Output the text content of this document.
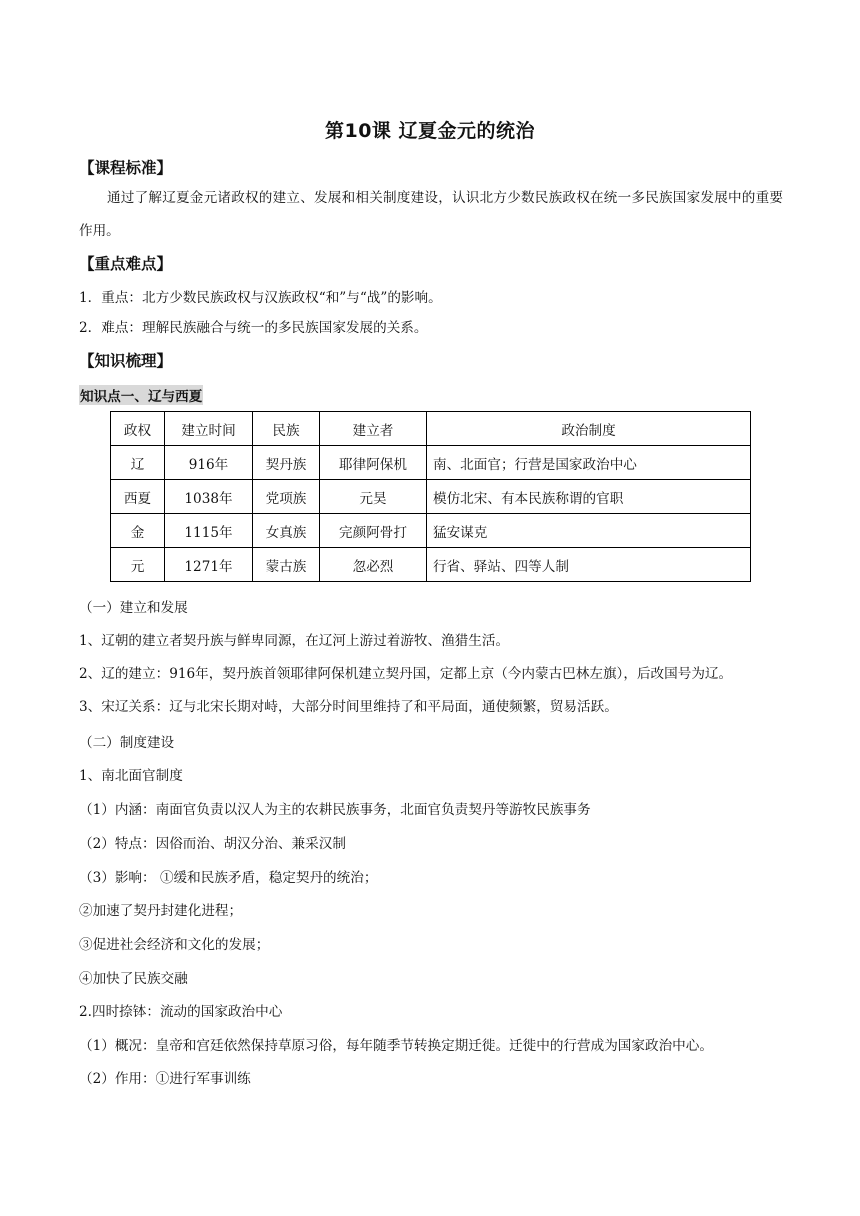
第10课 辽夏金元的统治
【课程标准】
通过了解辽夏金元诸政权的建立、发展和相关制度建设，认识北方少数民族政权在统一多民族国家发展中的重要作用。
【重点难点】
1．重点：北方少数民族政权与汉族政权“和”与“战”的影响。
2．难点：理解民族融合与统一的多民族国家发展的关系。
【知识梳理】
知识点一、辽与西夏
政权	建立时间	民族	建立者	政治制度
辽	916年	契丹族	耶律阿保机	南、北面官；行营是国家政治中心
西夏	1038年	党项族	元昊	模仿北宋、有本民族称谓的官职
金	1115年	女真族	完颜阿骨打	猛安谋克
元	1271年	蒙古族	忽必烈	行省、驿站、四等人制
（一）建立和发展
1、辽朝的建立者契丹族与鲜卑同源，在辽河上游过着游牧、渔猎生活。
2、辽的建立：916年，契丹族首领耶律阿保机建立契丹国，定都上京（今内蒙古巴林左旗），后改国号为辽。
3、宋辽关系：辽与北宋长期对峙，大部分时间里维持了和平局面，通使频繁，贸易活跃。
（二）制度建设
1、南北面官制度
（1）内涵：南面官负责以汉人为主的农耕民族事务，北面官负责契丹等游牧民族事务
（2）特点：因俗而治、胡汉分治、兼采汉制
（3）影响： ①缓和民族矛盾，稳定契丹的统治；
②加速了契丹封建化进程；
③促进社会经济和文化的发展；
④加快了民族交融
2.四时捺钵：流动的国家政治中心
（1）概况：皇帝和宫廷依然保持草原习俗，每年随季节转换定期迁徙。迁徙中的行营成为国家政治中心。
（2）作用：①进行军事训练
